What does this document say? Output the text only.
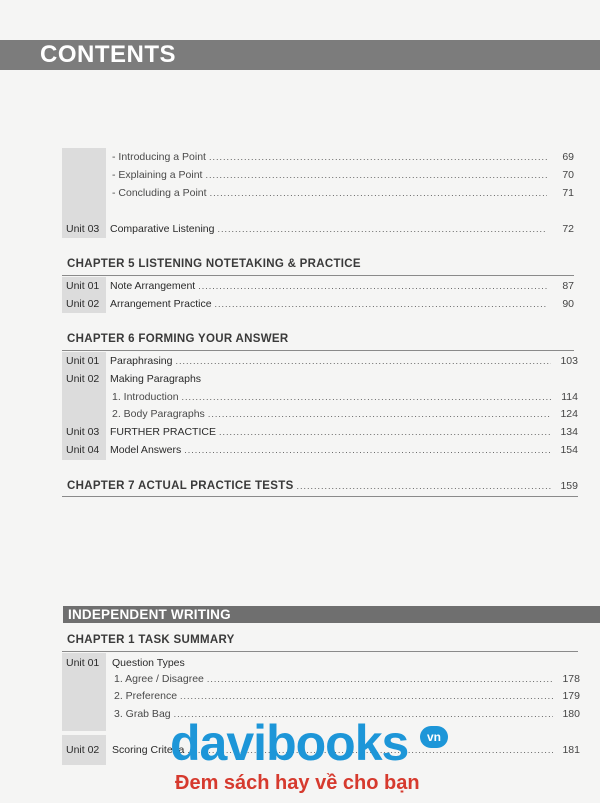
CONTENTS
- Introducing a Point .....	69
- Explaining a Point .....	70
- Concluding a Point .....	71
Unit 03 Comparative Listening .....	72
CHAPTER 5 LISTENING NOTETAKING & PRACTICE
Unit 01 Note Arrangement .....	87
Unit 02 Arrangement Practice .....	90
CHAPTER 6 FORMING YOUR ANSWER
Unit 01 Paraphrasing .....	103
Unit 02 Making Paragraphs
1. Introduction .....	114
2. Body Paragraphs .....	124
Unit 03 FURTHER PRACTICE .....	134
Unit 04 Model Answers .....	154
CHAPTER 7 ACTUAL PRACTICE TESTS .....	159
INDEPENDENT WRITING
CHAPTER 1 TASK SUMMARY
Unit 01 Question Types
1. Agree / Disagree .....	178
2. Preference .....	179
3. Grab Bag .....	180
Unit 02 Scoring Criteria .....	181
davibooks	vn
Đem sách hay về cho bạn
